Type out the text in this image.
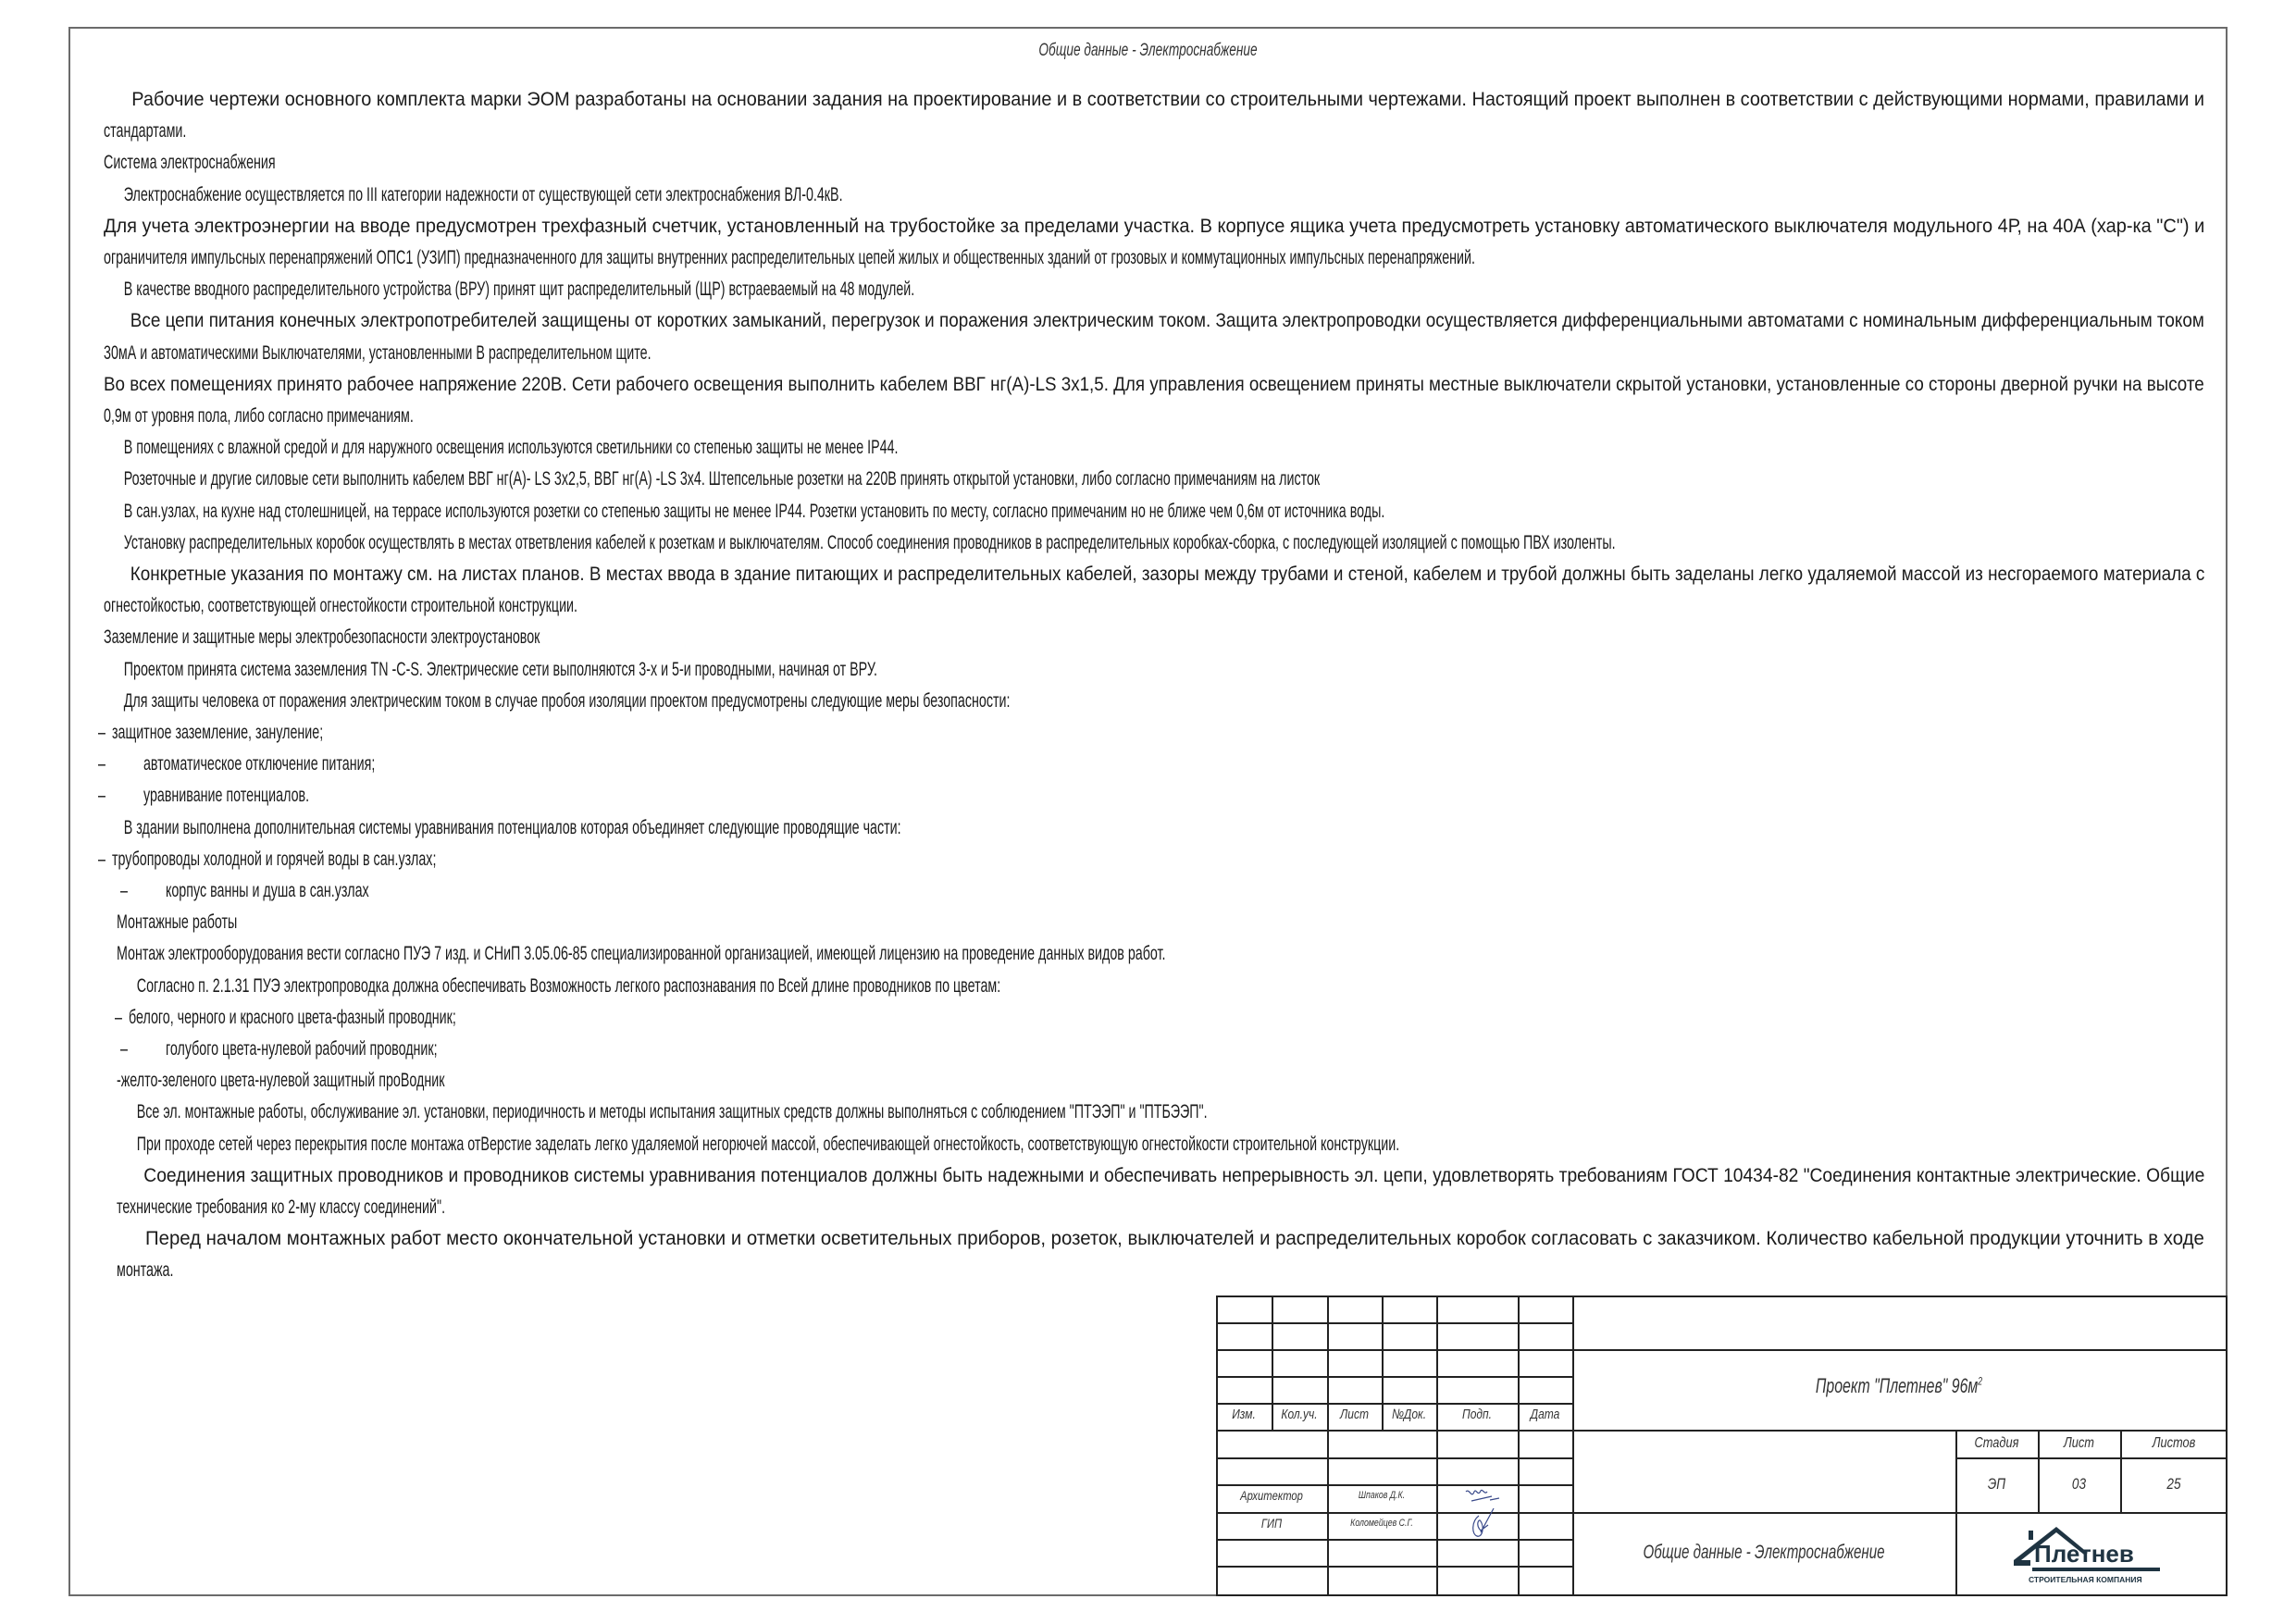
Общие данные - Электроснабжение
Рабочие чертежи основного комплекта марки ЭОМ разработаны на основании задания на проектирование и в соответствии со строительными чертежами. Настоящий проект выполнен в соответствии с действующими нормами, правилами и
стандартами.
Система электроснабжения
Электроснабжение осуществляется по III категории надежности от существующей сети электроснабжения ВЛ-0.4кВ.
Для учета электроэнергии на вводе предусмотрен трехфазный счетчик, установленный на трубостойке за пределами участка. В корпусе ящика учета предусмотреть установку автоматического выключателя модульного 4Р, на 40А (хар-ка "С") и
ограничителя импульсных перенапряжений ОПС1 (УЗИП) предназначенного для защиты внутренних распределительных цепей жилых и общественных зданий от грозовых и коммутационных импульсных перенапряжений.
В качестве вводного распределительного устройства (ВРУ) принят щит распределительный (ЩР) встраеваемый на 48 модулей.
Все цепи питания конечных электропотребителей защищены от коротких замыканий, перегрузок и поражения электрическим током. Защита электропроводки осуществляется дифференциальными автоматами с номинальным дифференциальным током
30мА и автоматическими Выключателями, установленными В распределительном щите.
Во всех помещениях принято рабочее напряжение 220В. Сети рабочего освещения выполнить кабелем ВВГ нг(А)-LS 3х1,5. Для управления освещением приняты местные выключатели скрытой установки, установленные со стороны дверной ручки на высоте
0,9м от уровня пола, либо согласно примечаниям.
В помещениях с влажной средой и для наружного освещения используются светильники со степенью защиты не менее IP44.
Розеточные и другие силовые сети выполнить кабелем ВВГ нг(А)- LS 3х2,5, ВВГ нг(А) -LS 3х4. Штепсельные розетки на 220В принять открытой установки, либо согласно примечаниям на листок
В сан.узлах, на кухне над столешницей, на террасе используются розетки со степенью защиты не менее IP44. Розетки установить по месту, согласно примечаним но не ближе чем 0,6м от источника воды.
Установку распределительных коробок осуществлять в местах ответвления кабелей к розеткам и выключателям. Способ соединения проводников в распределительных коробках-сборка, с последующей изоляцией с помощью ПВХ изоленты.
Конкретные указания по монтажу см. на листах планов. В местах ввода в здание питающих и распределительных кабелей, зазоры между трубами и стеной, кабелем и трубой должны быть заделаны легко удаляемой массой из несгораемого материала с
огнестойкостью, соответствующей огнестойкости строительной конструкции.
Заземление и защитные меры электробезопасности электроустановок
Проектом принята система заземления TN -C-S. Электрические сети выполняются 3-х и 5-и проводными, начиная от ВРУ.
Для защиты человека от поражения электрическим током в случае пробоя изоляции проектом предусмотрены следующие меры безопасности:
– защитное заземление, зануление;
– автоматическое отключение питания;
– уравнивание потенциалов.
В здании выполнена дополнительная системы уравнивания потенциалов которая объединяет следующие проводящие части:
– трубопроводы холодной и горячей воды в сан.узлах;
– корпус ванны и душа в сан.узлах
Монтажные работы
Монтаж электрооборудования вести согласно ПУЭ 7 изд. и СНиП 3.05.06-85 специализированной организацией, имеющей лицензию на проведение данных видов работ.
Согласно п. 2.1.31 ПУЭ электропроводка должна обеспечивать Возможность легкого распознавания по Всей длине проводников по цветам:
– белого, черного и красного цвета-фазный проводник;
– голубого цвета-нулевой рабочий проводник;
-желто-зеленого цвета-нулевой защитный проВодник
Все эл. монтажные работы, обслуживание эл. установки, периодичность и методы испытания защитных средств должны выполняться с соблюдением "ПТЭЭП" и "ПТБЭЭП".
При проходе сетей через перекрытия после монтажа отВерстие заделать легко удаляемой негорючей массой, обеспечивающей огнестойкость, соответствующую огнестойкости строительной конструкции.
Соединения защитных проводников и проводников системы уравнивания потенциалов должны быть надежными и обеспечивать непрерывность эл. цепи, удовлетворять требованиям ГОСТ 10434-82 "Соединения контактные электрические. Общие
технические требования ко 2-му классу соединений".
Перед началом монтажных работ место окончательной установки и отметки осветительных приборов, розеток, выключателей и распределительных коробок согласовать с заказчиком. Количество кабельной продукции уточнить в ходе
монтажа.
Изм.	Кол.уч.	Лист	№Док.	Подп.	Дата
Архитектор	Шпаков Д.К.
ГИП	Коломейцев С.Г.
Проект "Плетнев" $96м^2$
Стадия	Лист	Листов
ЭП	03	25
Общие данные - Электроснабжение	Плетнев
СТРОИТЕЛЬНАЯ КОМПАНИЯ
